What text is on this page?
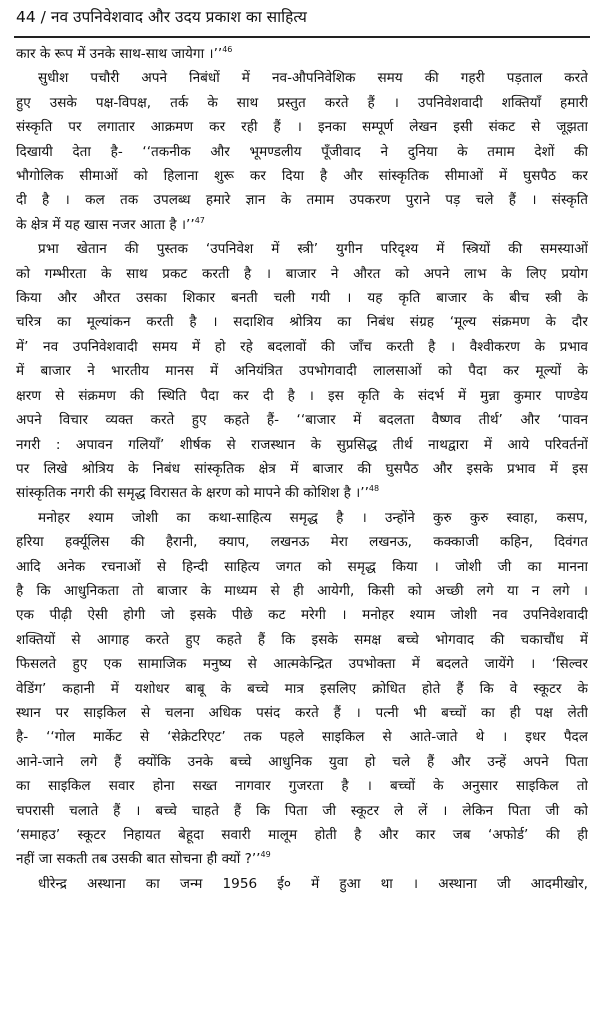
44 / नव उपनिवेशवाद और उदय प्रकाश का साहित्य
कार के रूप में उनके साथ-साथ जायेगा ।’’$^{46}$
सुधीश पचौरी अपने निबंधों में नव-औपनिवेशिक समय की गहरी पड़ताल करते
हुए उसके पक्ष-विपक्ष, तर्क के साथ प्रस्तुत करते हैं । उपनिवेशवादी शक्तियाँ हमारी
संस्कृति पर लगातार आक्रमण कर रही हैं । इनका सम्पूर्ण लेखन इसी संकट से जूझता
दिखायी देता है- ‘‘तकनीक और भूमण्डलीय पूँजीवाद ने दुनिया के तमाम देशों की
भौगोलिक सीमाओं को हिलाना शुरू कर दिया है और सांस्कृतिक सीमाओं में घुसपैठ कर
दी है । कल तक उपलब्ध हमारे ज्ञान के तमाम उपकरण पुराने पड़ चले हैं । संस्कृति
के क्षेत्र में यह खास नजर आता है ।’’$^{47}$
प्रभा खेतान की पुस्तक ‘उपनिवेश में स्त्री’ युगीन परिदृश्य में स्त्रियों की समस्याओं
को गम्भीरता के साथ प्रकट करती है । बाजार ने औरत को अपने लाभ के लिए प्रयोग
किया और औरत उसका शिकार बनती चली गयी । यह कृति बाजार के बीच स्त्री के
चरित्र का मूल्यांकन करती है । सदाशिव श्रोत्रिय का निबंध संग्रह ‘मूल्य संक्रमण के दौर
में’ नव उपनिवेशवादी समय में हो रहे बदलावों की जाँच करती है । वैश्वीकरण के प्रभाव
में बाजार ने भारतीय मानस में अनियंत्रित उपभोगवादी लालसाओं को पैदा कर मूल्यों के
क्षरण से संक्रमण की स्थिति पैदा कर दी है । इस कृति के संदर्भ में मुन्ना कुमार पाण्डेय
अपने विचार व्यक्त करते हुए कहते हैं- ‘‘बाजार में बदलता वैष्णव तीर्थ’ और ‘पावन
नगरी : अपावन गलियाँ’ शीर्षक से राजस्थान के सुप्रसिद्ध तीर्थ नाथद्वारा में आये परिवर्तनों
पर लिखे श्रोत्रिय के निबंध सांस्कृतिक क्षेत्र में बाजार की घुसपैठ और इसके प्रभाव में इस
सांस्कृतिक नगरी की समृद्ध विरासत के क्षरण को मापने की कोशिश है ।’’$^{48}$
मनोहर श्याम जोशी का कथा-साहित्य समृद्ध है । उन्होंने कुरु कुरु स्वाहा, कसप,
हरिया हर्क्यूलिस की हैरानी, क्याप, लखनऊ मेरा लखनऊ, कक्काजी कहिन, दिवंगत
आदि अनेक रचनाओं से हिन्दी साहित्य जगत को समृद्ध किया । जोशी जी का मानना
है कि आधुनिकता तो बाजार के माध्यम से ही आयेगी, किसी को अच्छी लगे या न लगे ।
एक पीढ़ी ऐसी होगी जो इसके पीछे कट मरेगी । मनोहर श्याम जोशी नव उपनिवेशवादी
शक्तियों से आगाह करते हुए कहते हैं कि इसके समक्ष बच्चे भोगवाद की चकाचौंध में
फिसलते हुए एक सामाजिक मनुष्य से आत्मकेन्द्रित उपभोक्ता में बदलते जायेंगे । ‘सिल्वर
वेडिंग’ कहानी में यशोधर बाबू के बच्चे मात्र इसलिए क्रोधित होते हैं कि वे स्कूटर के
स्थान पर साइकिल से चलना अधिक पसंद करते हैं । पत्नी भी बच्चों का ही पक्ष लेती
है- ‘‘गोल मार्केट से ‘सेक्रेटरिएट’ तक पहले साइकिल से आते-जाते थे । इधर पैदल
आने-जाने लगे हैं क्योंकि उनके बच्चे आधुनिक युवा हो चले हैं और उन्हें अपने पिता
का साइकिल सवार होना सख्त नागवार गुजरता है । बच्चों के अनुसार साइकिल तो
चपरासी चलाते हैं । बच्चे चाहते हैं कि पिता जी स्कूटर ले लें । लेकिन पिता जी को
‘समाहउ’ स्कूटर निहायत बेहूदा सवारी मालूम होती है और कार जब ‘अफोर्ड’ की ही
नहीं जा सकती तब उसकी बात सोचना ही क्यों ?’’$^{49}$
धीरेन्द्र अस्थाना का जन्म 1956 ई० में हुआ था । अस्थाना जी आदमीखोर,
